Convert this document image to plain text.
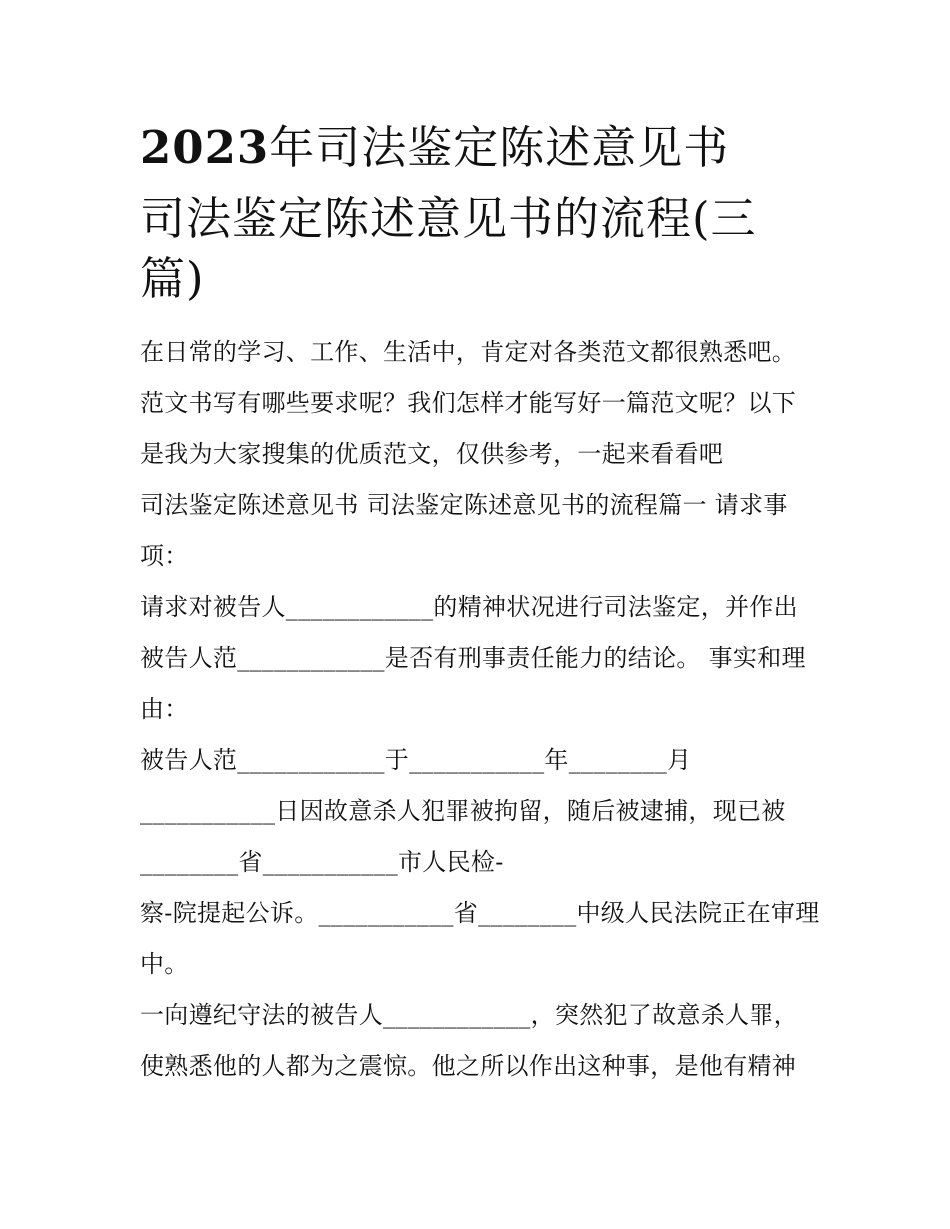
2023年司法鉴定陈述意见书
司法鉴定陈述意见书的流程(三篇)

在日常的学习、工作、生活中，肯定对各类范文都很熟悉吧。范文书写有哪些要求呢？我们怎样才能写好一篇范文呢？以下是我为大家搜集的优质范文，仅供参考，一起来看看吧

司法鉴定陈述意见书 司法鉴定陈述意见书的流程篇一 请求事项：

请求对被告人____________的精神状况进行司法鉴定，并作出被告人范____________是否有刑事责任能力的结论。 事实和理由：

被告人范____________于___________年________月___________日因故意杀人犯罪被拘留，随后被逮捕，现已被________省___________市人民检-

察-院提起公诉。___________省________中级人民法院正在审理中。

一向遵纪守法的被告人____________，突然犯了故意杀人罪，使熟悉他的人都为之震惊。他之所以作出这种事，是他有精神
